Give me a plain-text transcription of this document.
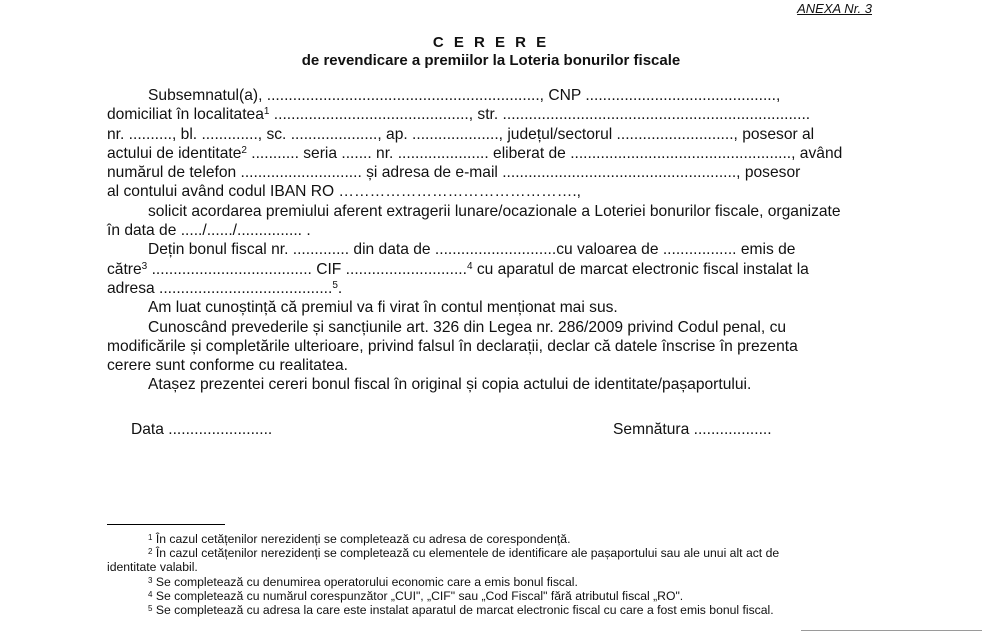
ANEXA Nr. 3
C E R E R E
de revendicare a premiilor la Loteria bonurilor fiscale
Subsemnatul(a), ..............................................................., CNP ............................................,
domiciliat în localitatea$^1$ ............................................., str. .......................................................................
nr. .........., bl. ............., sc. ...................., ap. ...................., județul/sectorul ..........................., posesor al
actului de identitate$^2$ ........... seria ....... nr. ..................... eliberat de ..................................................., având
numărul de telefon ............................ și adresa de e-mail ......................................................, posesor
al contului având codul IBAN RO ……………………………………….,
solicit acordarea premiului aferent extragerii lunare/ocazionale a Loteriei bonurilor fiscale, organizate
în data de ...../....../............... .
Dețin bonul fiscal nr. ............. din data de ............................cu valoarea de ................. emis de
către$^3$ ..................................... CIF ............................$^4$ cu aparatul de marcat electronic fiscal instalat la
adresa ........................................$^5$.
Am luat cunoștință că premiul va fi virat în contul menționat mai sus.
Cunoscând prevederile și sancțiunile art. 326 din Legea nr. 286/2009 privind Codul penal, cu
modificările și completările ulterioare, privind falsul în declarații, declar că datele înscrise în prezenta
cerere sunt conforme cu realitatea.
Atașez prezentei cereri bonul fiscal în original și copia actului de identitate/pașaportului.
Data ........................	Semnătura ..................
$^1$ În cazul cetățenilor nerezidenți se completează cu adresa de corespondență.
$^2$ În cazul cetățenilor nerezidenți se completează cu elementele de identificare ale pașaportului sau ale unui alt act de
identitate valabil.
$^3$ Se completează cu denumirea operatorului economic care a emis bonul fiscal.
$^4$ Se completează cu numărul corespunzător „CUI", „CIF" sau „Cod Fiscal" fără atributul fiscal „RO".
$^5$ Se completează cu adresa la care este instalat aparatul de marcat electronic fiscal cu care a fost emis bonul fiscal.
